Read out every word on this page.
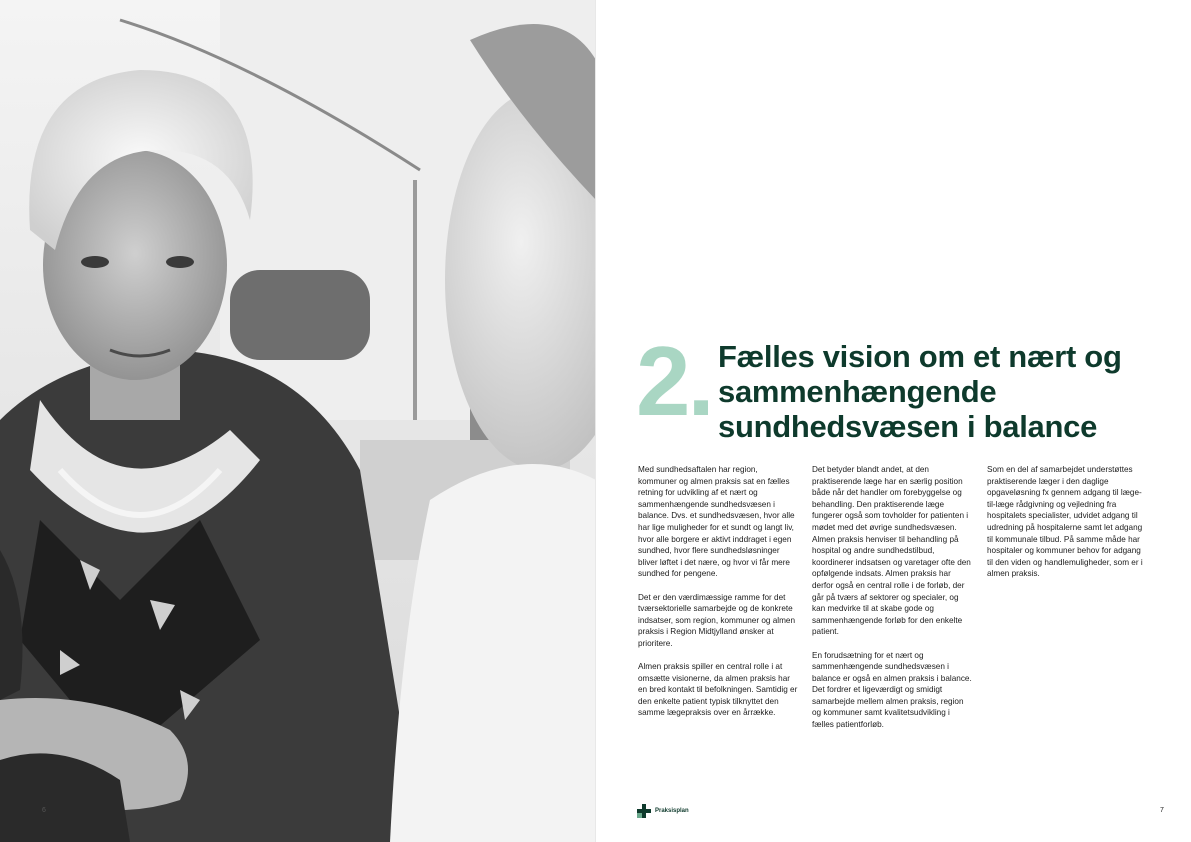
6
2. Fælles vision om et nært og sammenhængende sundhedsvæsen i balance

Med sundhedsaftalen har region, kommuner og almen praksis sat en fælles retning for udvikling af et nært og sammenhængende sundhedsvæsen i balance. Dvs. et sundhedsvæsen, hvor alle har lige muligheder for et sundt og langt liv, hvor alle borgere er aktivt inddraget i egen sundhed, hvor flere sundhedsløsninger bliver løftet i det nære, og hvor vi får mere sundhed for pengene.

Det er den værdimæssige ramme for det tværsektorielle samarbejde og de konkrete indsatser, som region, kommuner og almen praksis i Region Midtjylland ønsker at prioritere.

Almen praksis spiller en central rolle i at omsætte visionerne, da almen praksis har en bred kontakt til befolkningen. Samtidig er den enkelte patient typisk tilknyttet den samme lægepraksis over en årrække.

Det betyder blandt andet, at den praktiserende læge har en særlig position både når det handler om forebyggelse og behandling. Den praktiserende læge fungerer også som tovholder for patienten i mødet med det øvrige sundhedsvæsen. Almen praksis henviser til behandling på hospital og andre sundhedstilbud, koordinerer indsatsen og varetager ofte den opfølgende indsats. Almen praksis har derfor også en central rolle i de forløb, der går på tværs af sektorer og specialer, og kan medvirke til at skabe gode og sammenhængende forløb for den enkelte patient.

En forudsætning for et nært og sammenhængende sundhedsvæsen i balance er også en almen praksis i balance. Det fordrer et ligeværdigt og smidigt samarbejde mellem almen praksis, region og kommuner samt kvalitetsudvikling i fælles patientforløb.

Som en del af samarbejdet understøttes praktiserende læger i den daglige opgaveløsning fx gennem adgang til læge-til-læge rådgivning og vejledning fra hospitalets specialister, udvidet adgang til udredning på hospitalerne samt let adgang til kommunale tilbud. På samme måde har hospitaler og kommuner behov for adgang til den viden og handlemuligheder, som er i almen praksis.

Praksisplan	7
